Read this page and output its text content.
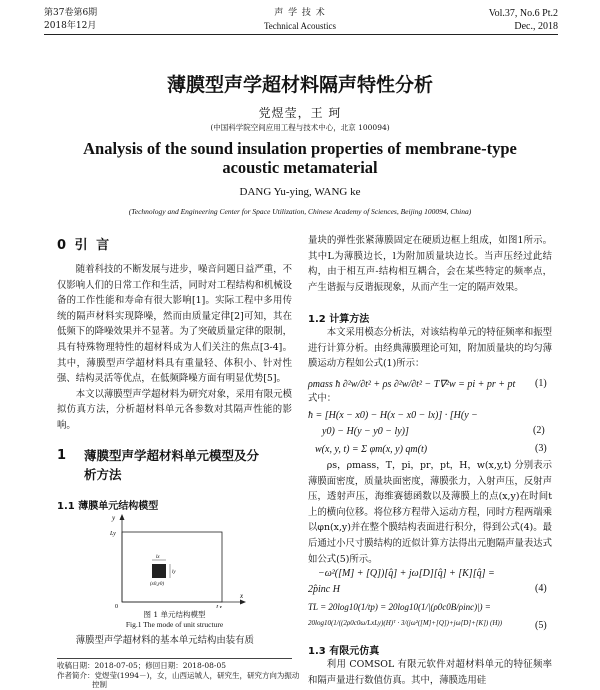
第37卷第6期
2018年12月
声 学 技 术
Technical Acoustics
Vol.37, No.6 Pt.2
Dec., 2018
薄膜型声学超材料隔声特性分析
党煜莹，王 珂
(中国科学院空间应用工程与技术中心，北京 100094)
Analysis of the sound insulation properties of membrane-type
acoustic metamaterial
DANG Yu-ying, WANG ke
(Technology and Engineering Center for Space Utilization, Chinese Academy of Sciences, Beijing 100094, China)
0 引 言

随着科技的不断发展与进步，噪音问题日益严重，不仅影响人们的日常工作和生活，同时对工程结构和机械设备的工作性能和寿命有很大影响[1]。实际工程中多用传统的隔声材料实现降噪，然而由质量定律[2]可知，其在低频下的降噪效果并不显著。为了突破质量定律的限制，具有特殊物理特性的超材料成为人们关注的焦点[3-4]。其中，薄膜型声学超材料具有重量轻、体积小、针对性强、结构灵活等优点，在低频降噪方面有明显优势[5]。

本文以薄膜型声学超材料为研究对象，采用有限元模拟仿真方法，分析超材料单元各参数对其隔声性能的影响。

1 薄膜型声学超材料单元模型及分
析方法
1.1 薄膜单元结构模型
y
x
Ly
Lx
0
(x0,y0)
lx
ly
图 1 单元结构模型
Fig.1 The mode of unit structure

薄膜型声学超材料的基本单元结构由装有质

收稿日期：2018-07-05；修回日期：2018-08-05
作者简介：党煜莹(1994－)，女，山西运城人，研究生，研究方向为振动
控制

量块的弹性张紧薄膜固定在硬质边框上组成，如图1所示。其中L为薄膜边长，l为附加质量块边长。当声压经过此结构，由于相互声-结构相互耦合，会在某些特定的频率点，产生谐振与反谐振现象，从而产生一定的隔声效果。

1.2 计算方法

本文采用模态分析法，对该结构单元的特征频率和振型进行计算分析。由经典薄膜理论可知，附加质量块的均匀薄膜运动方程如公式(1)所示：

ρmass ħ ∂²w/∂t² + ρs ∂²w/∂t² − T∇²w = pi + pr + pt	(1)
式中：
ħ = [H(x − x0) − H(x − x0 − lx)] · [H(y −
y0) − H(y − y0 − ly)]	(2)
w(x, y, t) = Σ φm(x, y) qm(t)	(3)

ρs，ρmass，T，pi，pr，pt，H，w(x,y,t) 分别表示薄膜面密度，质量块面密度，薄膜张力，入射声压，反射声压，透射声压，海维赛德函数以及薄膜上的点(x,y)在时间t上的横向位移。将位移方程带入运动方程，同时方程两端乘以φn(x,y)并在整个膜结构表面进行积分，得到公式(4)。最后通过小尺寸膜结构的近似计算方法得出元胞隔声量表达式如公式(5)所示。

−ω²([M] + [Q])[q̂] + jω[D][q̂] + [K][q̂] =
2p̂inc H	(4)
TL = 20log10(1/tp) = 20log10(1/|(ρ0c0B/ρinc)|) =
20log10(1/((2ρ0c0ω/LxLy)(H)ᵀ · 3/(jω²([M]+[Q])+jω[D]+[K]) (H))	(5)
1.3 有限元仿真

利用 COMSOL 有限元软件对超材料单元的特征频率和隔声量进行数值仿真。其中，薄膜选用硅
